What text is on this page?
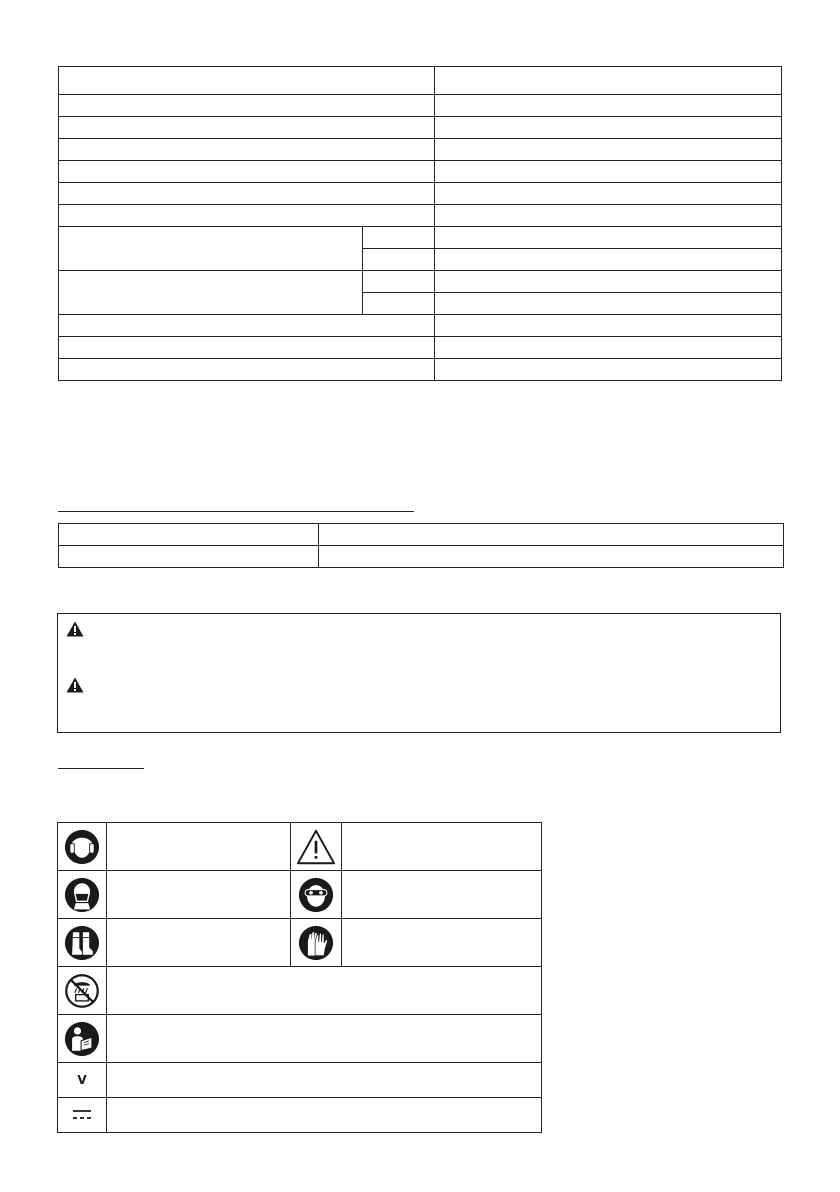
V			
